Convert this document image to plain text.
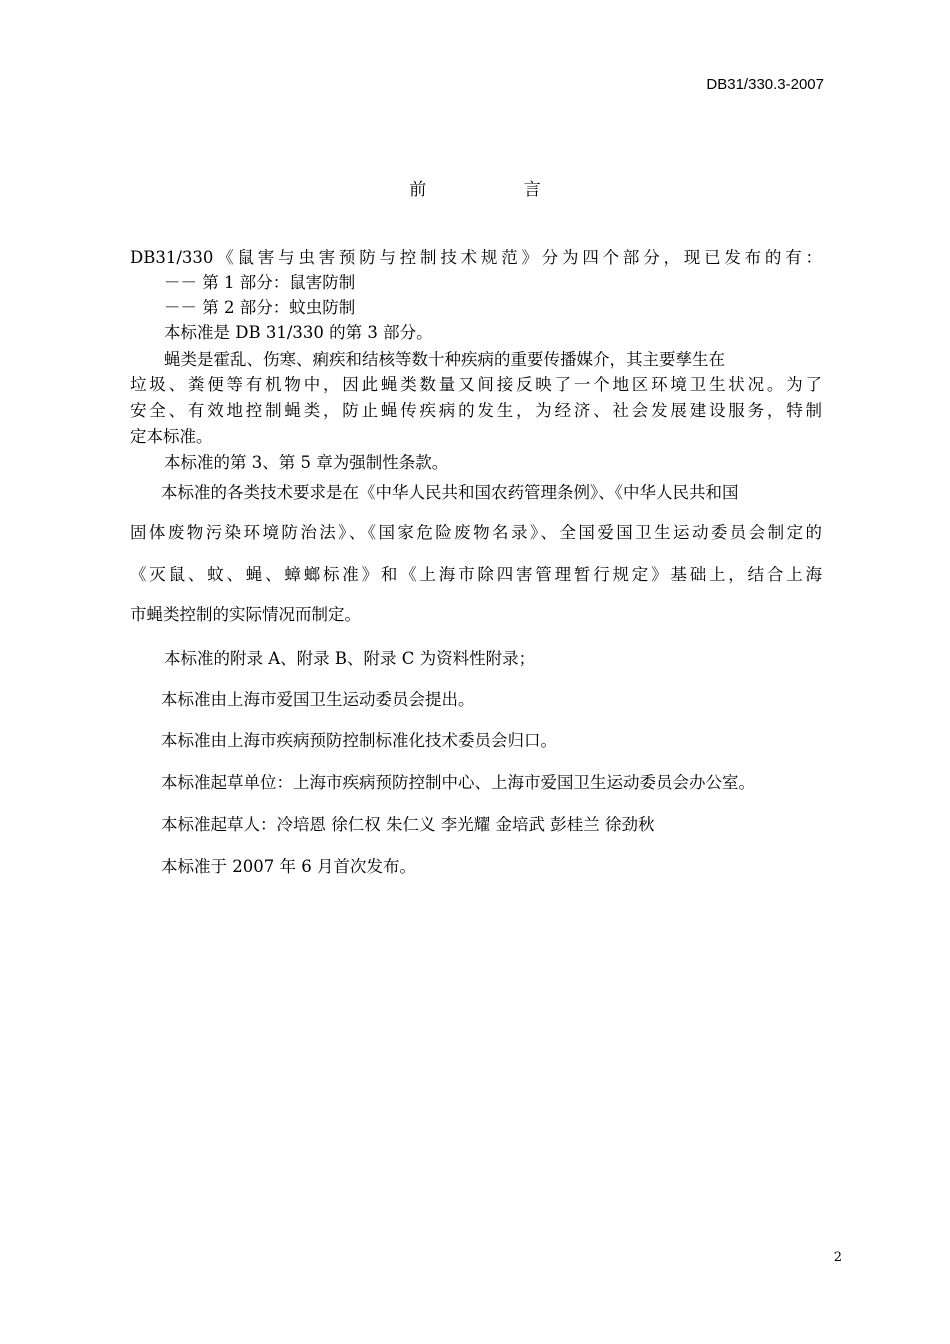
DB31/330.3-2007
前 言
DB31/330《鼠害与虫害预防与控制技术规范》分为四个部分，现已发布的有：
－－ 第 1 部分：鼠害防制
－－ 第 2 部分：蚊虫防制
本标准是 DB 31/330 的第 3 部分。
蝇类是霍乱、伤寒、痢疾和结核等数十种疾病的重要传播媒介，其主要孳生在
垃圾、粪便等有机物中，因此蝇类数量又间接反映了一个地区环境卫生状况。为了
安全、有效地控制蝇类，防止蝇传疾病的发生，为经济、社会发展建设服务，特制
定本标准。
本标准的第 3、第 5 章为强制性条款。
本标准的各类技术要求是在《中华人民共和国农药管理条例》、《中华人民共和国
固体废物污染环境防治法》、《国家危险废物名录》、全国爱国卫生运动委员会制定的
《灭鼠、蚊、蝇、蟑螂标准》和《上海市除四害管理暂行规定》基础上，结合上海
市蝇类控制的实际情况而制定。
本标准的附录 A、附录 B、附录 C 为资料性附录；
本标准由上海市爱国卫生运动委员会提出。
本标准由上海市疾病预防控制标准化技术委员会归口。
本标准起草单位：上海市疾病预防控制中心、上海市爱国卫生运动委员会办公室。
本标准起草人：冷培恩 徐仁权 朱仁义 李光耀 金培武 彭桂兰 徐劲秋
本标准于 2007 年 6 月首次发布。
2
